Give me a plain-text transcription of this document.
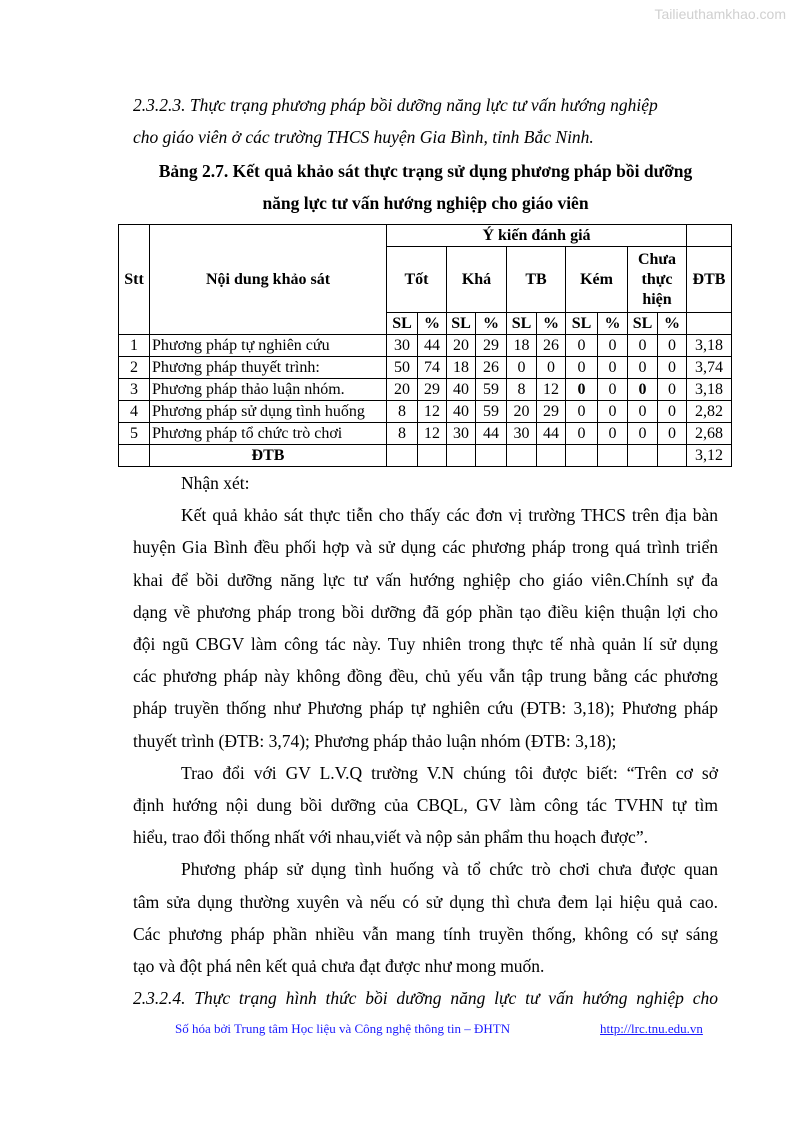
Tailieuthamkhao.com
2.3.2.3. Thực trạng phương pháp bồi dưỡng năng lực tư vấn hướng nghiệp
cho giáo viên ở các trường THCS huyện Gia Bình, tỉnh Bắc Ninh.
Bảng 2.7. Kết quả khảo sát thực trạng sử dụng phương pháp bồi dưỡng
năng lực tư vấn hướng nghiệp cho giáo viên
Stt	Nội dung khảo sát	Ý kiến đánh giá										
		Tốt		Khá		TB		Kém		Chưa thực hiện		ĐTB
		SL	%	SL	%	SL	%	SL	%	SL	%	
1	Phương pháp tự nghiên cứu	30	44	20	29	18	26	0	0	0	0	3,18
2	Phương pháp thuyết trình:	50	74	18	26	0	0	0	0	0	0	3,74
3	Phương pháp thảo luận nhóm.	20	29	40	59	8	12	0	0	0	0	3,18
4	Phương pháp sử dụng tình huống	8	12	40	59	20	29	0	0	0	0	2,82
5	Phương pháp tổ chức trò chơi	8	12	30	44	30	44	0	0	0	0	2,68
	ĐTB											3,12
Nhận xét:
Kết quả khảo sát thực tiễn cho thấy các đơn vị trường THCS trên địa bàn
huyện Gia Bình đều phối hợp và sử dụng các phương pháp trong quá trình triển
khai để bồi dưỡng năng lực tư vấn hướng nghiệp cho giáo viên.Chính sự đa
dạng về phương pháp trong bồi dưỡng đã góp phần tạo điều kiện thuận lợi cho
đội ngũ CBGV làm công tác này. Tuy nhiên trong thực tế nhà quản lí sử dụng
các phương pháp này không đồng đều, chủ yếu vẫn tập trung bằng các phương
pháp truyền thống như Phương pháp tự nghiên cứu (ĐTB: 3,18); Phương pháp
thuyết trình (ĐTB: 3,74); Phương pháp thảo luận nhóm (ĐTB: 3,18);
Trao đổi với GV L.V.Q trường V.N chúng tôi được biết: “Trên cơ sở
định hướng nội dung bồi dưỡng của CBQL, GV làm công tác TVHN tự tìm
hiểu, trao đổi thống nhất với nhau,viết và nộp sản phẩm thu hoạch được”.
Phương pháp sử dụng tình huống và tổ chức trò chơi chưa được quan
tâm sửa dụng thường xuyên và nếu có sử dụng thì chưa đem lại hiệu quả cao.
Các phương pháp phần nhiều vẫn mang tính truyền thống, không có sự sáng
tạo và đột phá nên kết quả chưa đạt được như mong muốn.
2.3.2.4. Thực trạng hình thức bồi dưỡng năng lực tư vấn hướng nghiệp cho
Số hóa bởi Trung tâm Học liệu và Công nghệ thông tin – ĐHTN	http://lrc.tnu.edu.vn
